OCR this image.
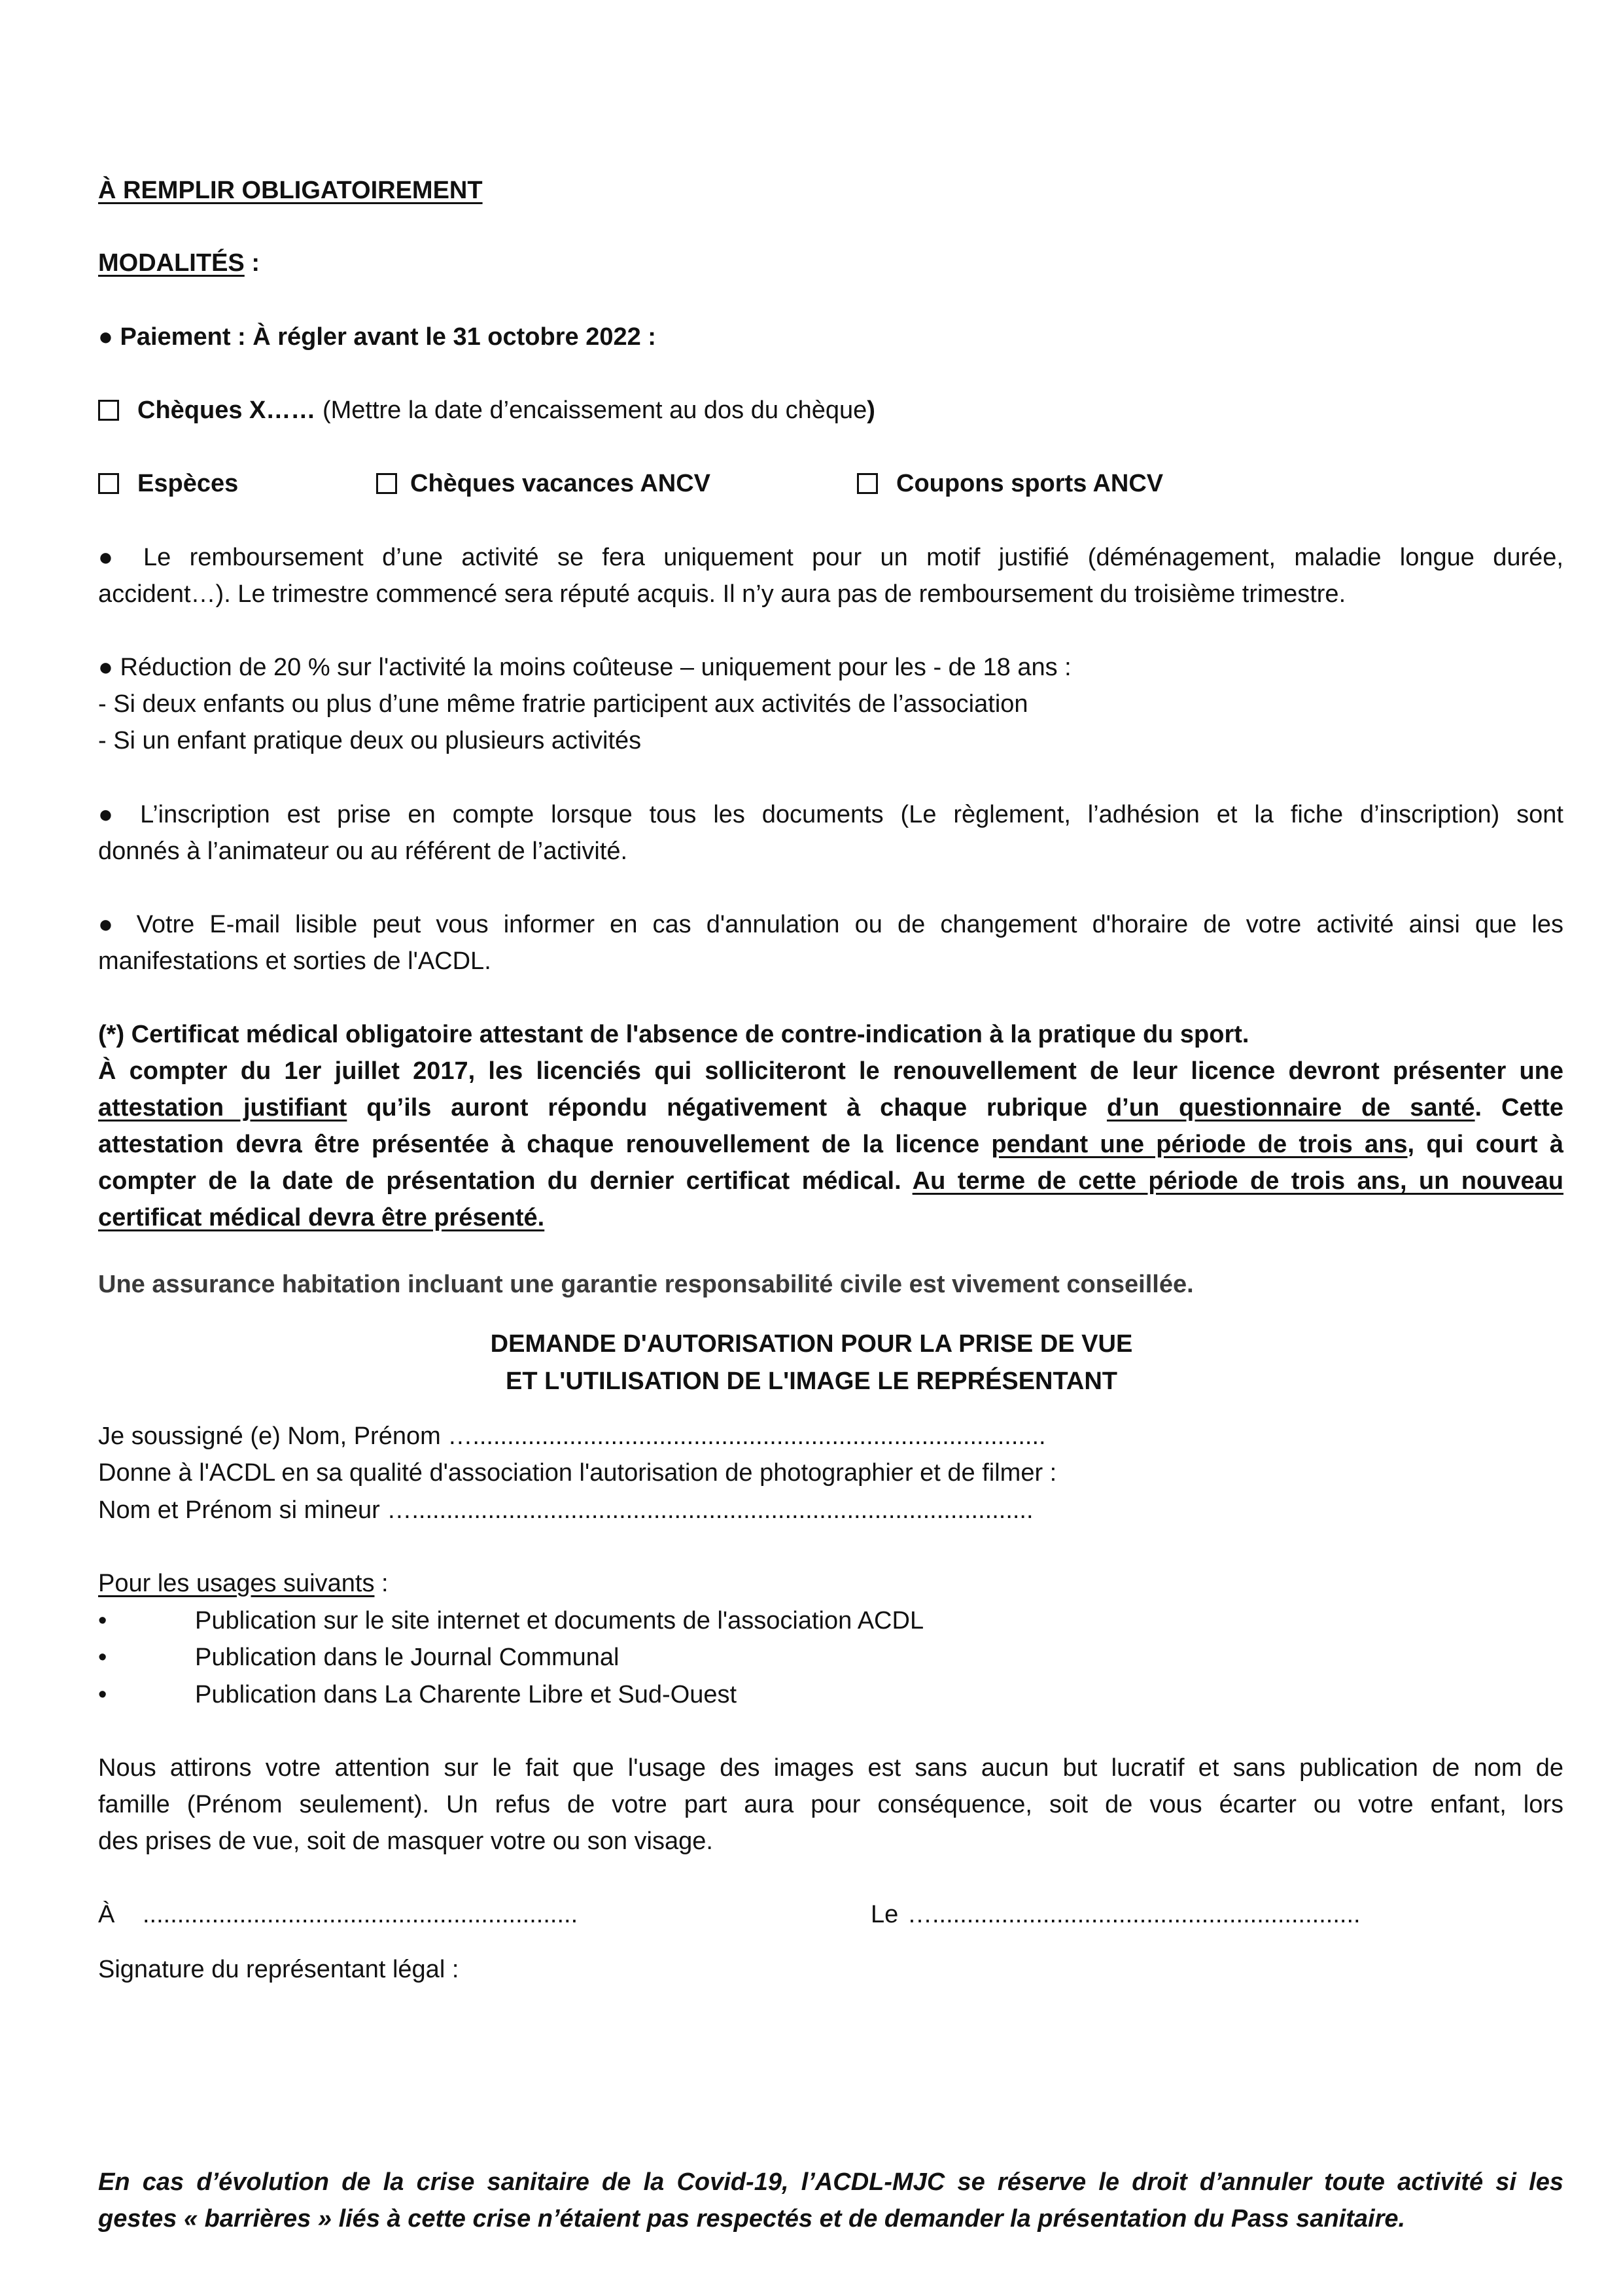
À REMPLIR OBLIGATOIREMENT
MODALITÉS :
● Paiement : À régler avant le 31 octobre 2022 :
Chèques X…… (Mettre la date d’encaissement au dos du chèque)
Espèces	Chèques vacances ANCV	Coupons sports ANCV
● Le remboursement d’une activité se fera uniquement pour un motif justifié (déménagement, maladie longue durée,
accident…). Le trimestre commencé sera réputé acquis. Il n’y aura pas de remboursement du troisième trimestre.
● Réduction de 20 % sur l'activité la moins coûteuse – uniquement pour les - de 18 ans :
- Si deux enfants ou plus d’une même fratrie participent aux activités de l’association
- Si un enfant pratique deux ou plusieurs activités
● L’inscription est prise en compte lorsque tous les documents (Le règlement, l’adhésion et la fiche d’inscription) sont
donnés à l’animateur ou au référent de l’activité.
● Votre E-mail lisible peut vous informer en cas d'annulation ou de changement d'horaire de votre activité ainsi que les
manifestations et sorties de l'ACDL.
(*) Certificat médical obligatoire attestant de l'absence de contre-indication à la pratique du sport.
À compter du 1er juillet 2017, les licenciés qui solliciteront le renouvellement de leur licence devront présenter une
attestation justifiant qu’ils auront répondu négativement à chaque rubrique d’un questionnaire de santé. Cette
attestation devra être présentée à chaque renouvellement de la licence pendant une période de trois ans, qui court à
compter de la date de présentation du dernier certificat médical. Au terme de cette période de trois ans, un nouveau
certificat médical devra être présenté.
Une assurance habitation incluant une garantie responsabilité civile est vivement conseillée.
DEMANDE D'AUTORISATION POUR LA PRISE DE VUE
ET L'UTILISATION DE L'IMAGE LE REPRÉSENTANT
Je soussigné (e) Nom, Prénom …...................................................................................
Donne à l'ACDL en sa qualité d'association l'autorisation de photographier et de filmer :
Nom et Prénom si mineur …..........................................................................................
Pour les usages suivants :
•	Publication sur le site internet et documents de l'association ACDL
•	Publication dans le Journal Communal
•	Publication dans La Charente Libre et Sud-Ouest
Nous attirons votre attention sur le fait que l'usage des images est sans aucun but lucratif et sans publication de nom de
famille (Prénom seulement). Un refus de votre part aura pour conséquence, soit de vous écarter ou votre enfant, lors
des prises de vue, soit de masquer votre ou son visage.
À ...............................................................	Le …..............................................................
Signature du représentant légal :
En cas d’évolution de la crise sanitaire de la Covid-19, l’ACDL-MJC se réserve le droit d’annuler toute activité si les
gestes « barrières » liés à cette crise n’étaient pas respectés et de demander la présentation du Pass sanitaire.
